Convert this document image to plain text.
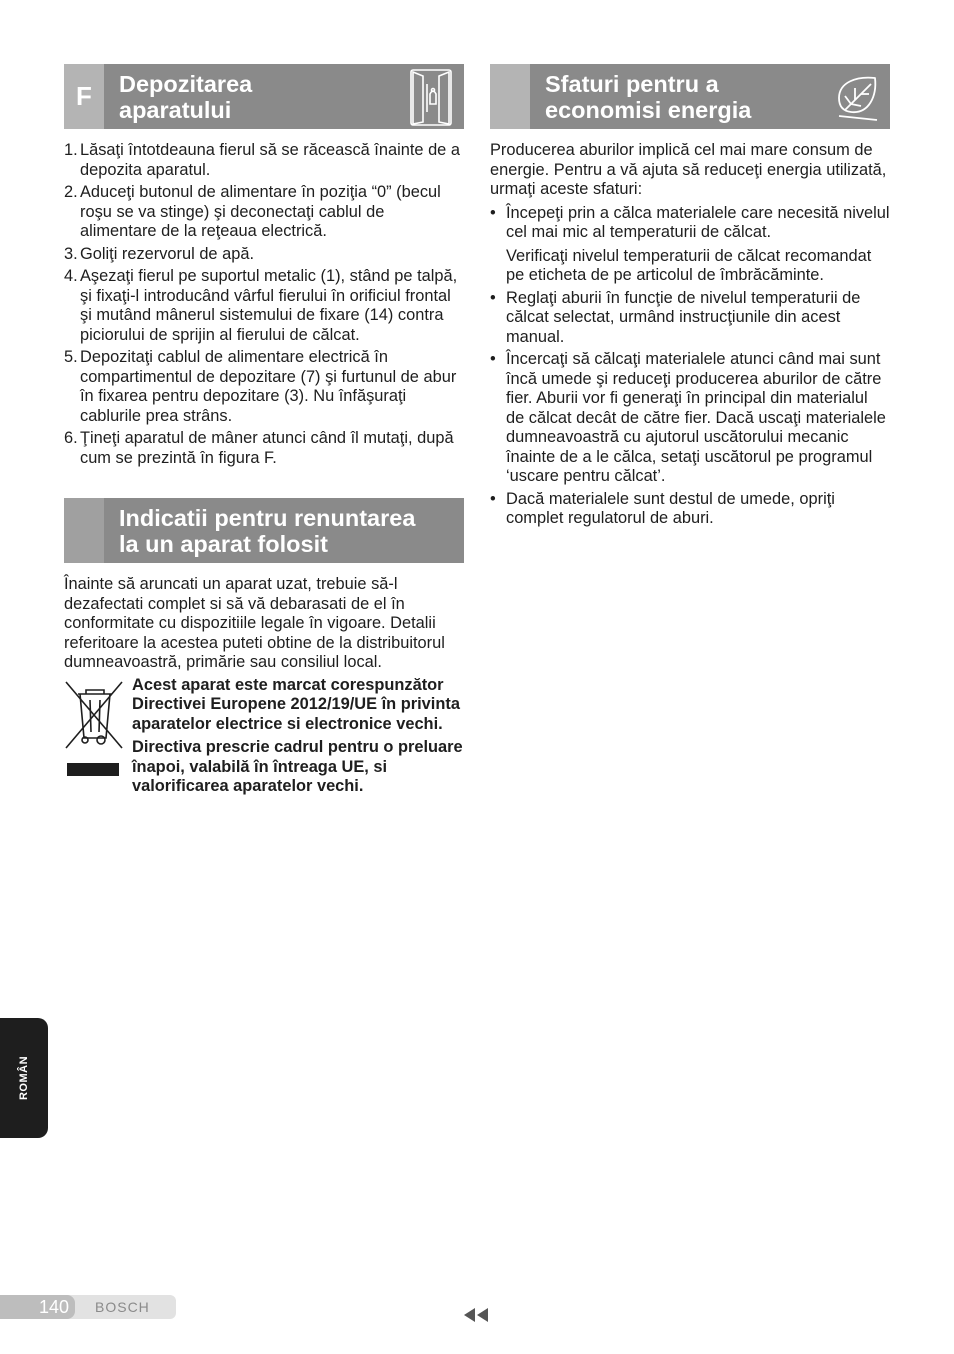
F	Depozitarea
aparatului
1. Lăsaţi întotdeauna fierul să se răcească înainte de a depozita aparatul.
2. Aduceţi butonul de alimentare în poziţia “0” (becul roşu se va stinge) şi deconectaţi cablul de alimentare de la reţeaua electrică.
3. Goliţi rezervorul de apă.
4. Aşezaţi fierul pe suportul metalic (1), stând pe talpă, şi fixaţi-l introducând vârful fierului în orificiul frontal şi mutând mânerul sistemului de fixare (14) contra piciorului de sprijin al fierului de călcat.
5. Depozitaţi cablul de alimentare electrică în compartimentul de depozitare (7) şi furtunul de abur în fixarea pentru depozitare (3). Nu înfăşuraţi cablurile prea strâns.
6. Ţineţi aparatul de mâner atunci când îl mutaţi, după cum se prezintă în figura F.
Indicatii pentru renuntarea
la un aparat folosit

Înainte să aruncati un aparat uzat, trebuie să-l dezafectati complet si să vă debarasati de el în conformitate cu dispozitiile legale în vigoare. Detalii referitoare la acestea puteti obtine de la distribuitorul dumneavoastră, primărie sau consiliul local.

Acest aparat este marcat corespunzător Directivei Europene 2012/19/UE în privinta aparatelor electrice si electronice vechi.

Directiva prescrie cadrul pentru o preluare înapoi, valabilă în întreaga UE, si valorificarea aparatelor vechi.

Sfaturi pentru a
economisi energia

Producerea aburilor implică cel mai mare consum de energie. Pentru a vă ajuta să reduceţi energia utilizată, urmaţi aceste sfaturi:

• Începeţi prin a călca materialele care necesită nivelul cel mai mic al temperaturii de călcat.

Verificaţi nivelul temperaturii de călcat recomandat pe eticheta de pe articolul de îmbrăcăminte.

• Reglaţi aburii în funcţie de nivelul temperaturii de călcat selectat, urmând instrucţiunile din acest manual.

• Încercaţi să călcaţi materialele atunci când mai sunt încă umede şi reduceţi producerea aburilor de către fier. Aburii vor fi generaţi în principal din materialul de călcat decât de către fier. Dacă uscaţi materialele dumneavoastră cu ajutorul uscătorului mecanic înainte de a le călca, setaţi uscătorul pe programul ‘uscare pentru călcat’.

• Dacă materialele sunt destul de umede, opriţi complet regulatorul de aburi.

ROMÂN
140	BOSCH
